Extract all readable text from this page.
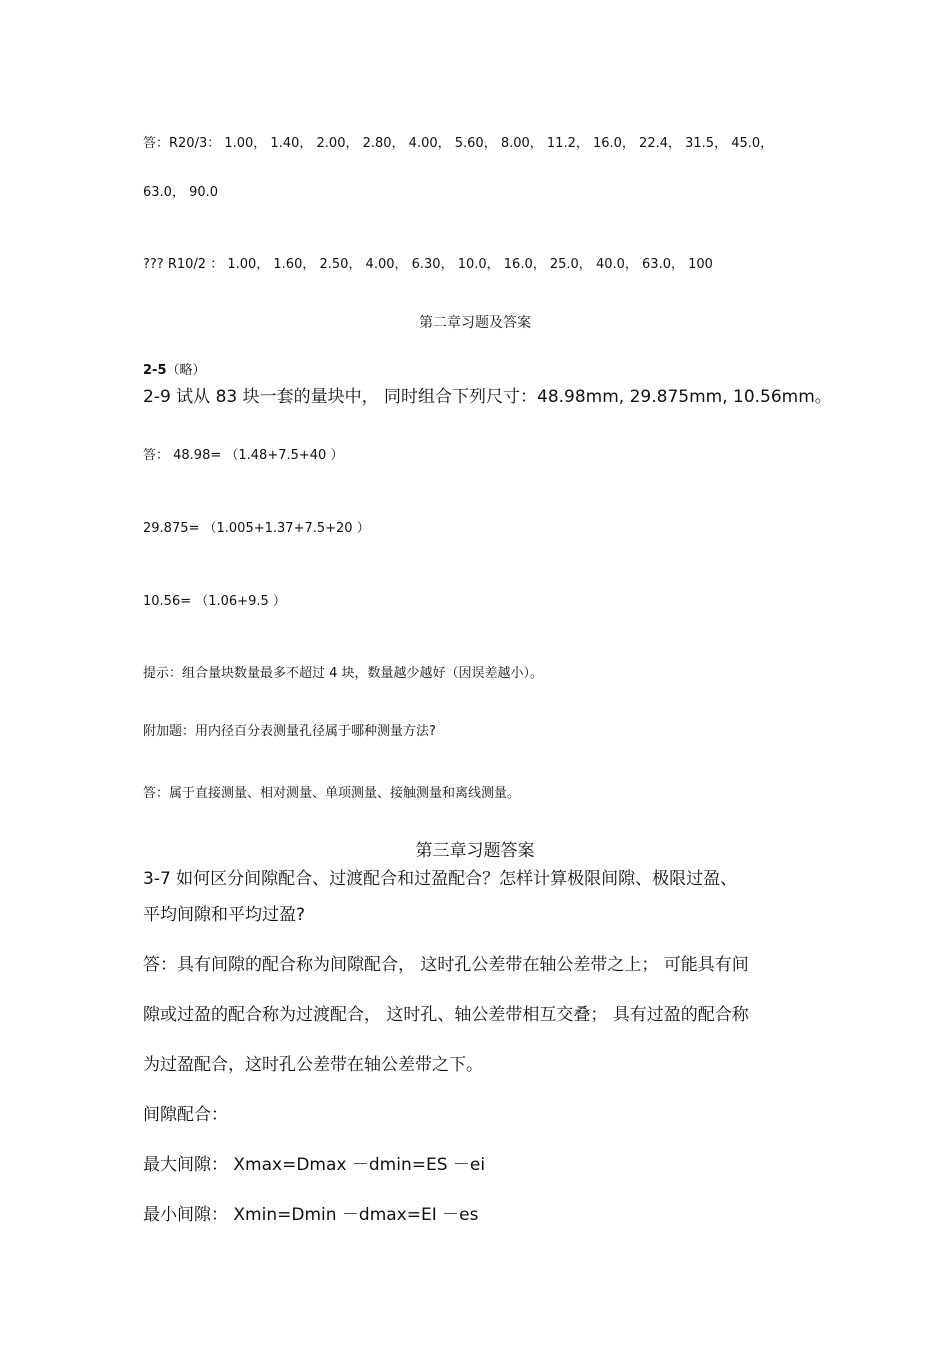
答：R20/3： 1.00， 1.40， 2.00， 2.80， 4.00， 5.60， 8.00， 11.2， 16.0， 22.4， 31.5， 45.0，
63.0， 90.0
??? R10/2 ： 1.00， 1.60， 2.50， 4.00， 6.30， 10.0， 16.0， 25.0， 40.0， 63.0， 100
第二章习题及答案
2-5（略）
2-9 试从 83 块一套的量块中， 同时组合下列尺寸：48.98mm, 29.875mm, 10.56mm。
答： 48.98= （1.48+7.5+40 ）
29.875= （1.005+1.37+7.5+20 ）
10.56= （1.06+9.5 ）
提示：组合量块数量最多不超过 4 块，数量越少越好（因误差越小）。
附加题：用内径百分表测量孔径属于哪种测量方法?
答：属于直接测量、相对测量、单项测量、接触测量和离线测量。
第三章习题答案
3-7 如何区分间隙配合、过渡配合和过盈配合？怎样计算极限间隙、极限过盈、
平均间隙和平均过盈?
答：具有间隙的配合称为间隙配合， 这时孔公差带在轴公差带之上； 可能具有间
隙或过盈的配合称为过渡配合， 这时孔、轴公差带相互交叠； 具有过盈的配合称
为过盈配合，这时孔公差带在轴公差带之下。
间隙配合：
最大间隙： Xmax=Dmax －dmin=ES －ei
最小间隙： Xmin=Dmin －dmax=EI －es
